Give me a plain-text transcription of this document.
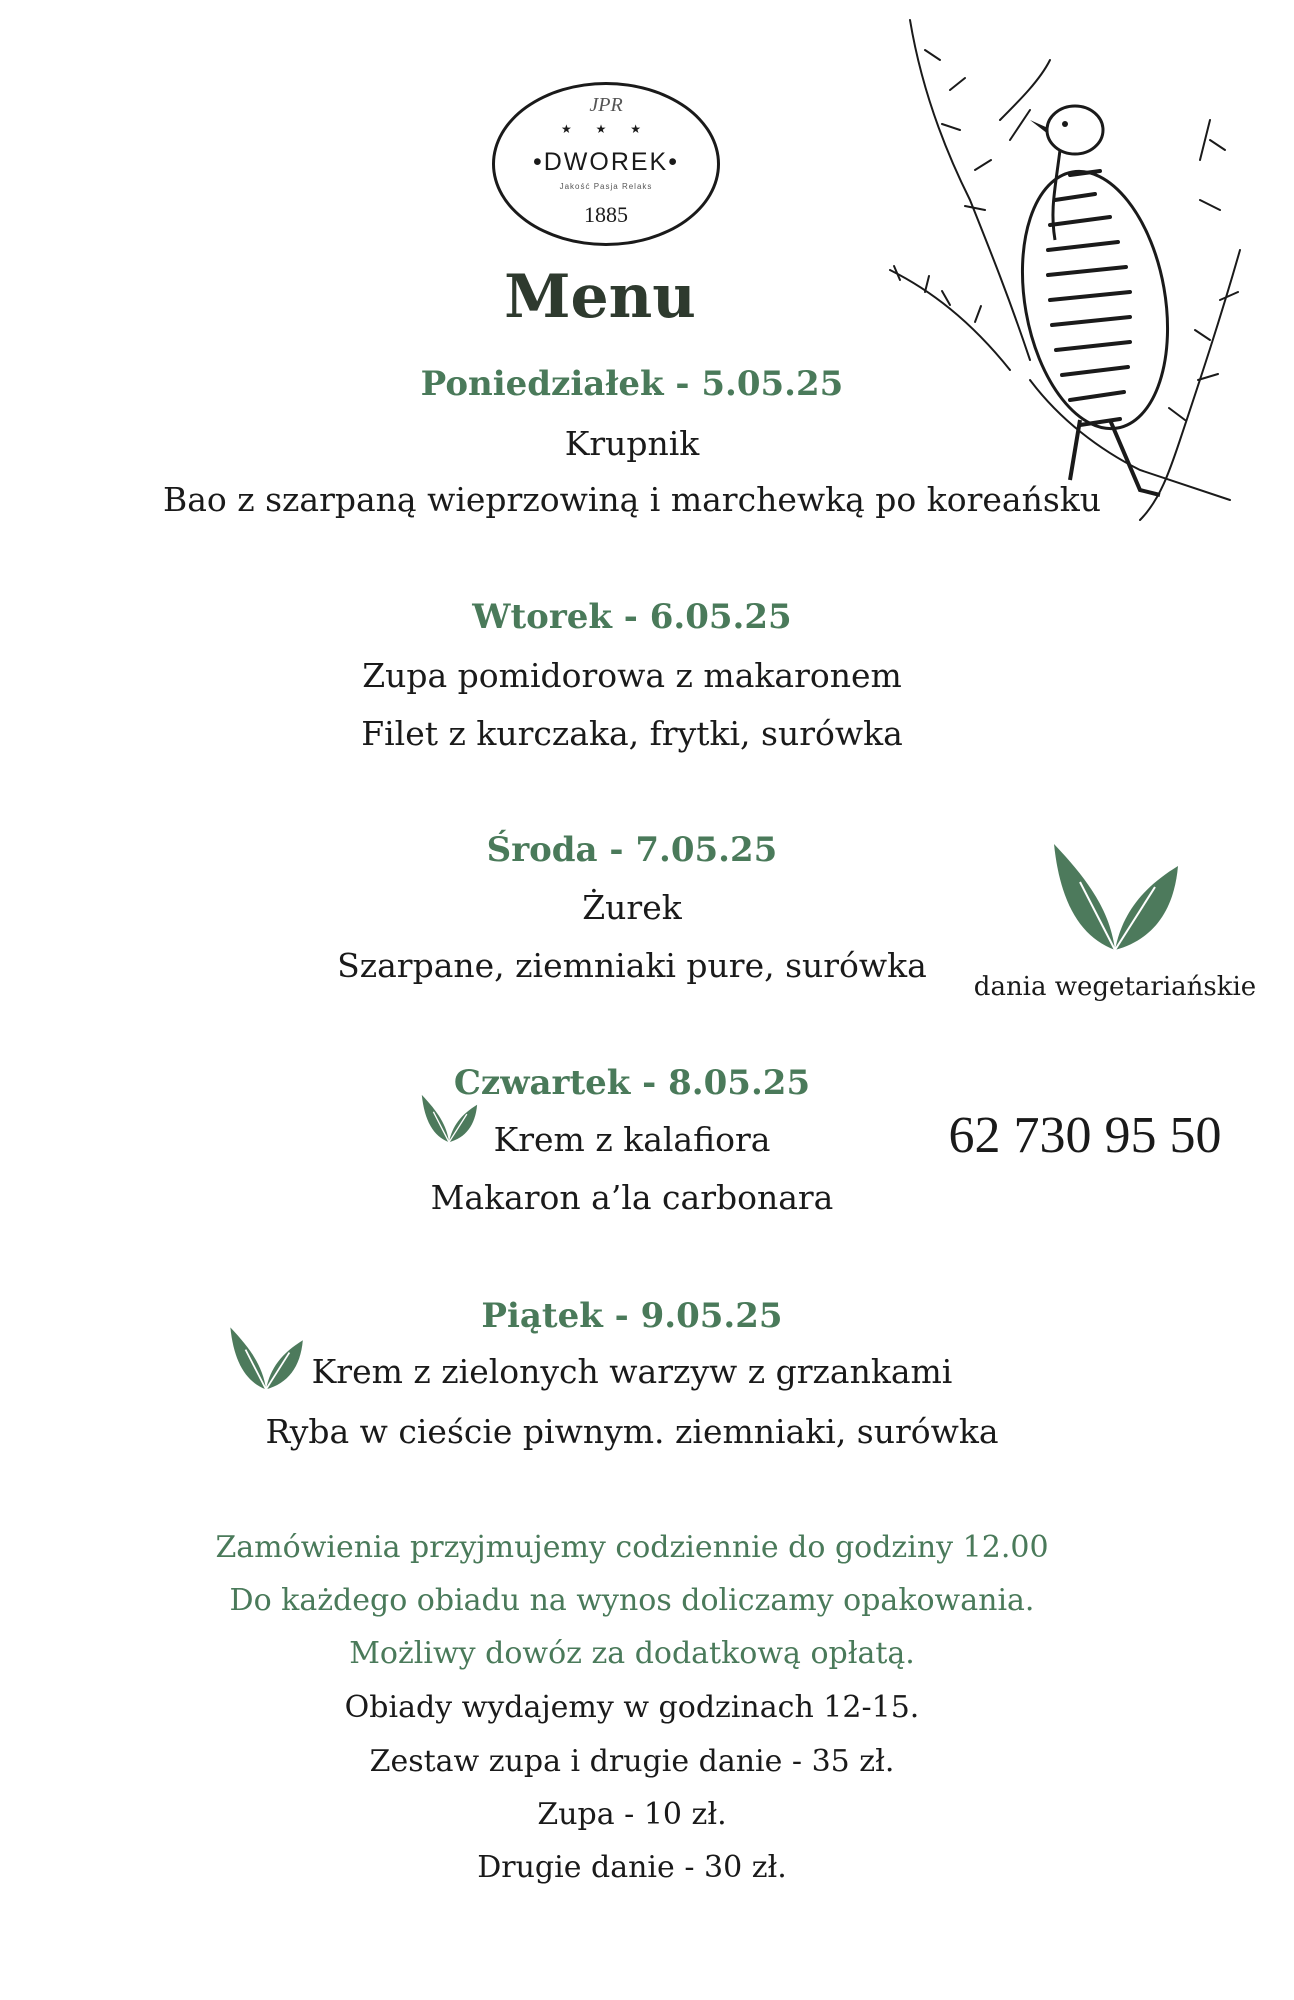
JPR
★ ★ ★
•DWOREK•
Jakość Pasja Relaks
1885
Menu
Poniedziałek - 5.05.25
Krupnik
Bao z szarpaną wieprzowiną i marchewką po koreańsku
Wtorek - 6.05.25
Zupa pomidorowa z makaronem
Filet z kurczaka, frytki, surówka
Środa - 7.05.25
Żurek
Szarpane, ziemniaki pure, surówka
dania wegetariańskie
Czwartek - 8.05.25
Krem z kalafiora
Makaron a’la carbonara
62 730 95 50
Piątek - 9.05.25
Krem z zielonych warzyw z grzankami
Ryba w cieście piwnym. ziemniaki, surówka
Zamówienia przyjmujemy codziennie do godziny 12.00
Do każdego obiadu na wynos doliczamy opakowania.
Możliwy dowóz za dodatkową opłatą.
Obiady wydajemy w godzinach 12-15.
Zestaw zupa i drugie danie - 35 zł.
Zupa - 10 zł.
Drugie danie - 30 zł.
